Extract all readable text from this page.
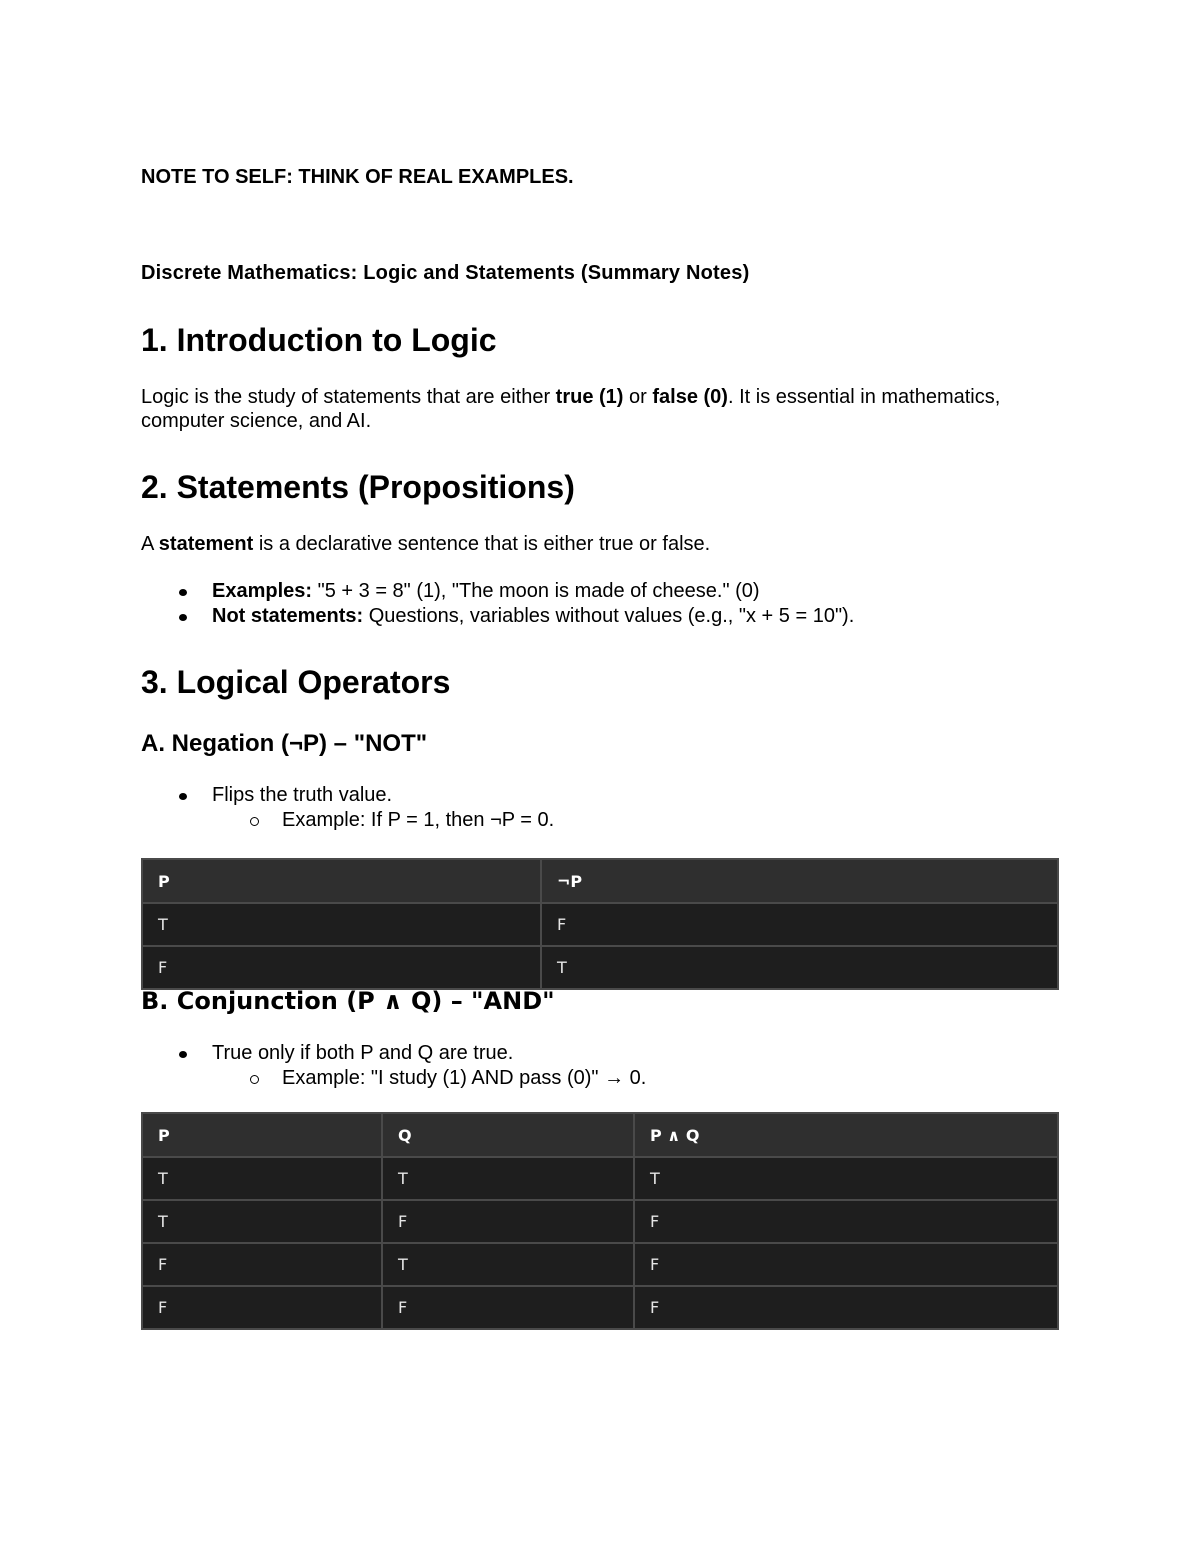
NOTE TO SELF: THINK OF REAL EXAMPLES.
Discrete Mathematics: Logic and Statements (Summary Notes)
1. Introduction to Logic

Logic is the study of statements that are either true (1) or false (0). It is essential in mathematics, computer science, and AI.

2. Statements (Propositions)

A statement is a declarative sentence that is either true or false.

Examples: "5 + 3 = 8" (1), "The moon is made of cheese." (0)
Not statements: Questions, variables without values (e.g., "x + 5 = 10").
3. Logical Operators
A. Negation (¬P) – "NOT"
Flips the truth value.
Example: If P = 1, then ¬P = 0.
P	¬P
T	F
F	T
B. Conjunction (P ∧ Q) – "AND"
True only if both P and Q are true.
Example: "I study (1) AND pass (0)" → 0.
P	Q	P ∧ Q
T	T	T
T	F	F
F	T	F
F	F	F
